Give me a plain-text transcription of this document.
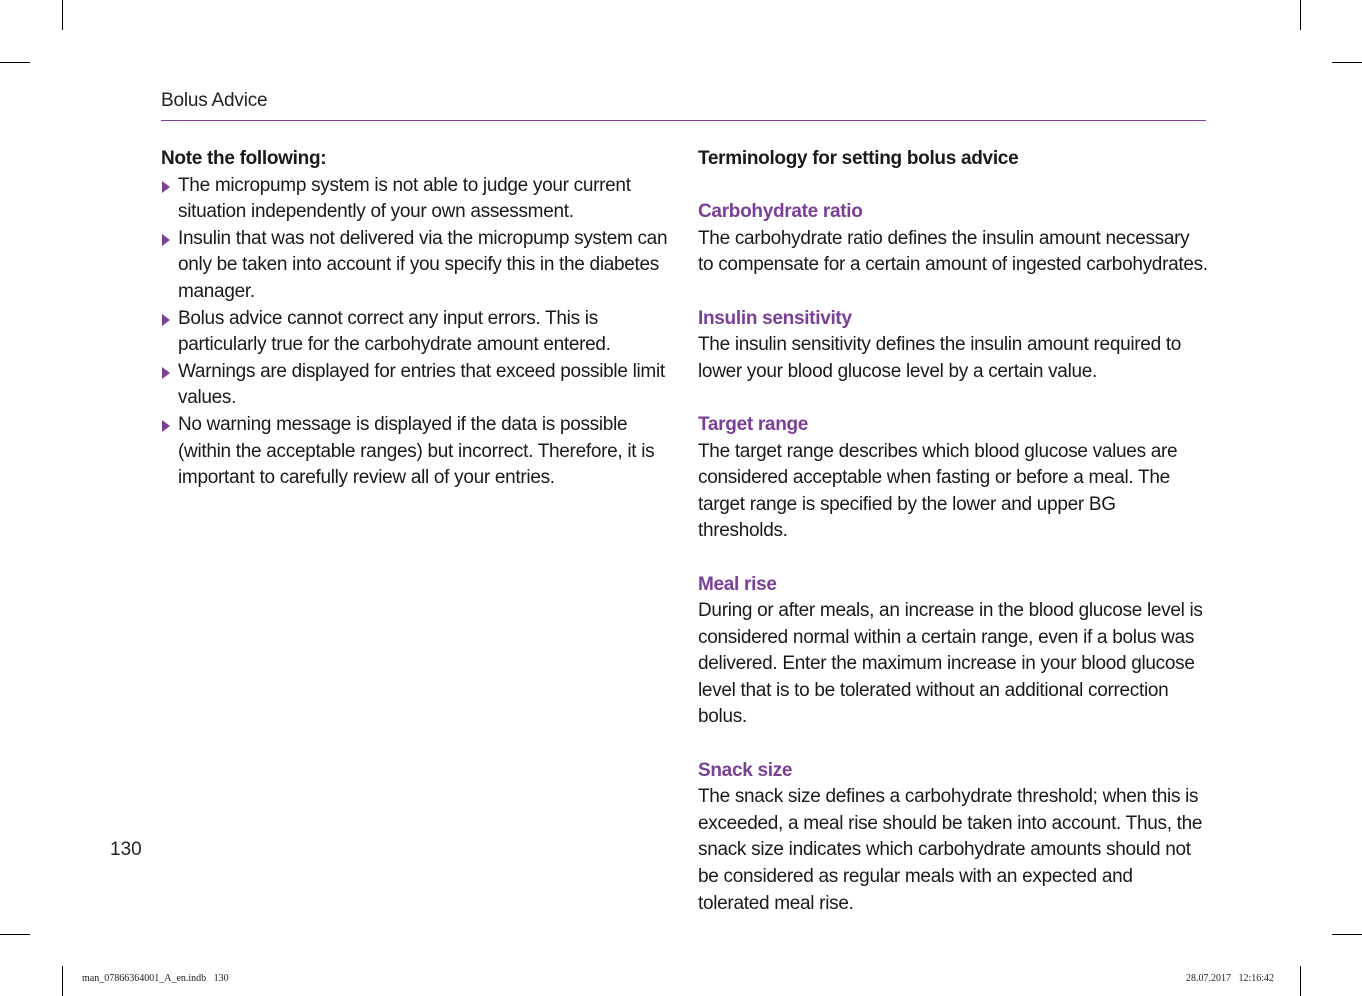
Bolus Advice

Note the following:

The micropump system is not able to judge your current situation independently of your own assessment.
Insulin that was not delivered via the micropump system can only be taken into account if you specify this in the diabetes manager.
Bolus advice cannot correct any input errors. This is particularly true for the carbohydrate amount entered.
Warnings are displayed for entries that exceed possible limit values.
No warning message is displayed if the data is possible (within the acceptable ranges) but incorrect. Therefore, it is important to carefully review all of your entries.

Terminology for setting bolus advice

Carbohydrate ratio

The carbohydrate ratio defines the insulin amount necessary to compensate for a certain amount of ingested carbohydrates.

Insulin sensitivity

The insulin sensitivity defines the insulin amount required to lower your blood glucose level by a certain value.

Target range

The target range describes which blood glucose values are considered acceptable when fasting or before a meal. The target range is specified by the lower and upper BG thresholds.

Meal rise

During or after meals, an increase in the blood glucose level is considered normal within a certain range, even if a bolus was delivered. Enter the maximum increase in your blood glucose level that is to be tolerated without an additional correction bolus.

Snack size

The snack size defines a carbohydrate threshold; when this is exceeded, a meal rise should be taken into account. Thus, the snack size indicates which carbohydrate amounts should not be considered as regular meals with an expected and tolerated meal rise.

130
man_07866364001_A_en.indb   130	28.07.2017   12:16:42
